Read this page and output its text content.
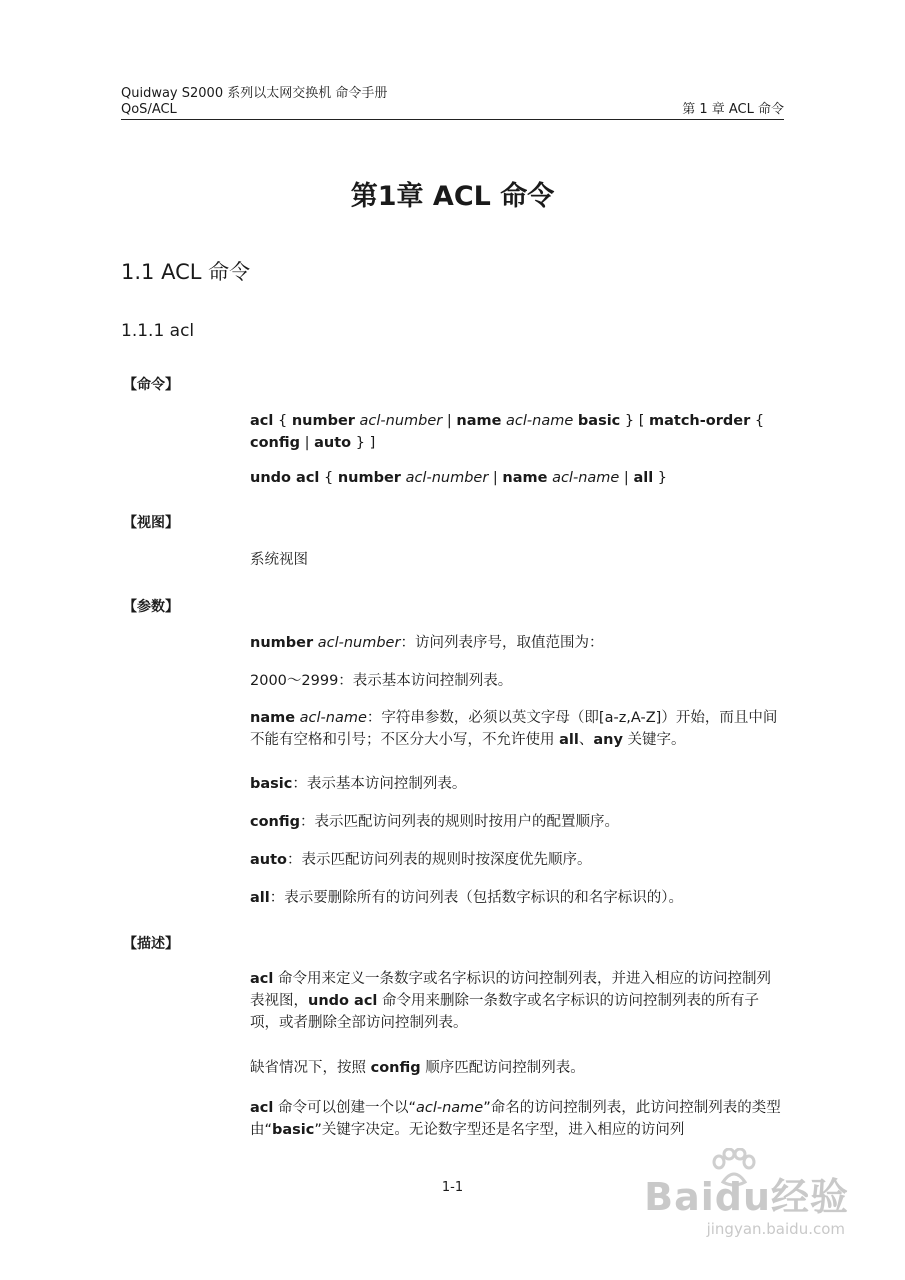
Quidway S2000 系列以太网交换机 命令手册
QoS/ACL	第 1 章 ACL 命令
第1章 ACL 命令
1.1 ACL 命令
1.1.1 acl
【命令】
acl { number acl-number | name acl-name basic } [ match-order { config | auto } ]
undo acl { number acl-number | name acl-name | all }
【视图】
系统视图
【参数】
number acl-number：访问列表序号，取值范围为：
2000～2999：表示基本访问控制列表。
name acl-name：字符串参数，必须以英文字母（即[a-z,A-Z]）开始，而且中间不能有空格和引号；不区分大小写，不允许使用 all、any 关键字。
basic：表示基本访问控制列表。
config：表示匹配访问列表的规则时按用户的配置顺序。
auto：表示匹配访问列表的规则时按深度优先顺序。
all：表示要删除所有的访问列表（包括数字标识的和名字标识的）。
【描述】
acl 命令用来定义一条数字或名字标识的访问控制列表，并进入相应的访问控制列表视图，undo acl 命令用来删除一条数字或名字标识的访问控制列表的所有子项，或者删除全部访问控制列表。
缺省情况下，按照 config 顺序匹配访问控制列表。
acl 命令可以创建一个以“acl-name”命名的访问控制列表，此访问控制列表的类型由“basic”关键字决定。无论数字型还是名字型，进入相应的访问列
1-1	Baidu经验
jingyan.baidu.com
